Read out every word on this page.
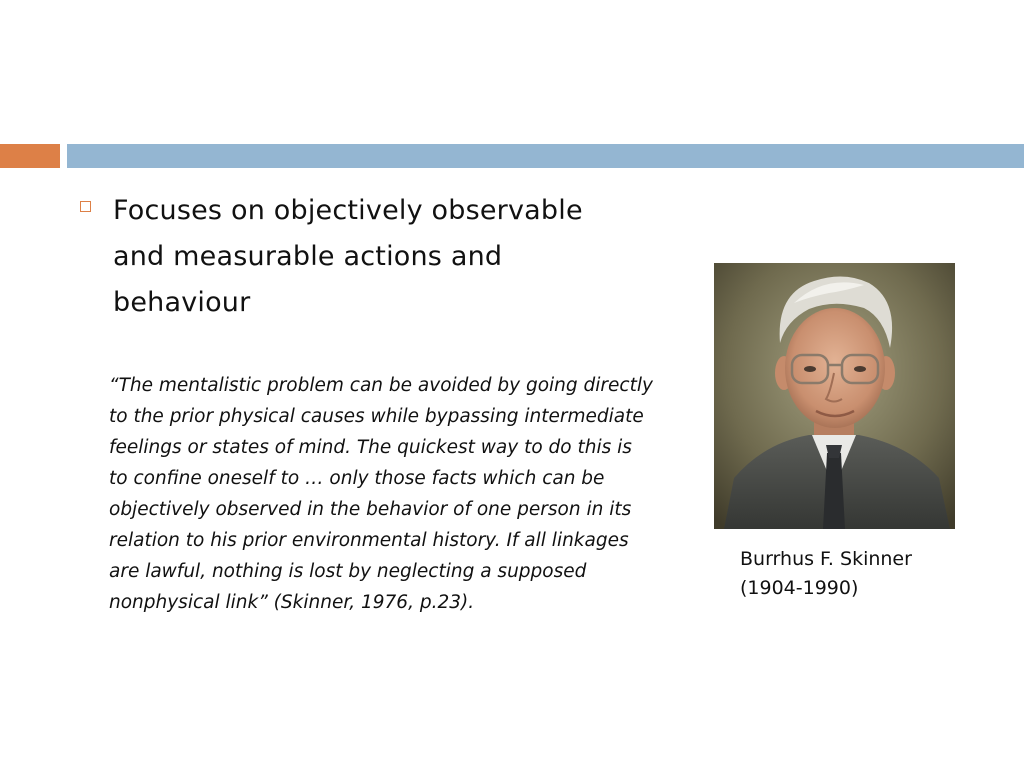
Focuses on objectively observable and measurable actions and behaviour
“The mentalistic problem can be avoided by going directly to the prior physical causes while bypassing intermediate feelings or states of mind. The quickest way to do this is to confine oneself to … only those facts which can be objectively observed in the behavior of one person in its relation to his prior environmental history. If all linkages are lawful, nothing is lost by neglecting a supposed nonphysical link” (Skinner, 1976, p.23).
Burrhus F. Skinner
(1904-1990)
